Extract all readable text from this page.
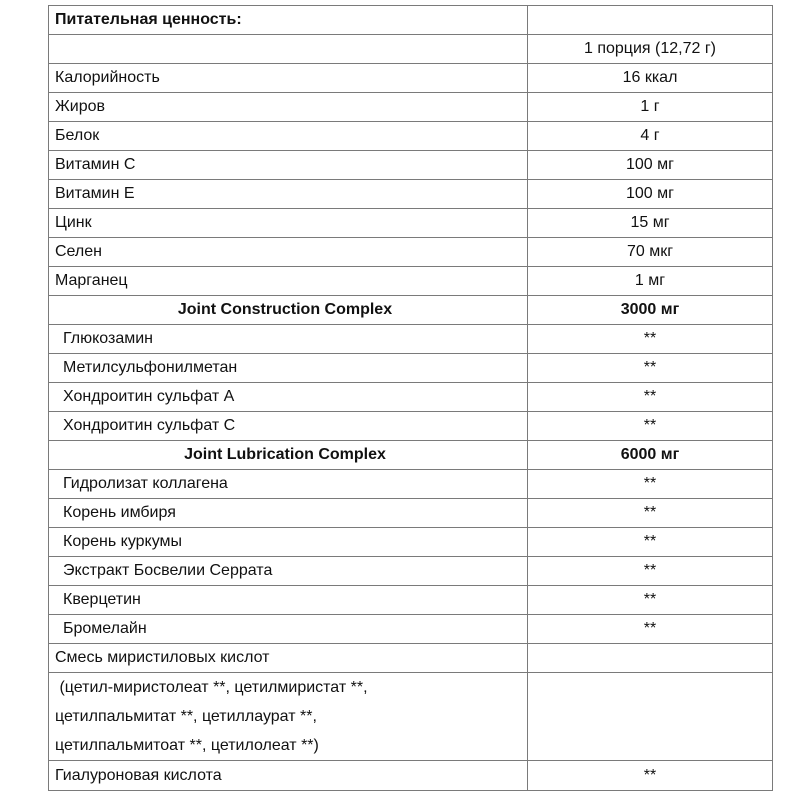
Питательная ценность:	
	1 порция (12,72 г)
Калорийность	16 ккал
Жиров	1 г
Белок	4 г
Витамин С	100 мг
Витамин Е	100 мг
Цинк	15 мг
Селен	70 мкг
Марганец	1 мг
Joint Construction Complex	3000 мг
Глюкозамин	**
Метилсульфонилметан	**
Хондроитин сульфат А	**
Хондроитин сульфат С	**
Joint Lubrication Complex	6000 мг
Гидролизат коллагена	**
Корень имбиря	**
Корень куркумы	**
Экстракт Босвелии Серрата	**
Кверцетин	**
Бромелайн	**
Смесь миристиловых кислот	

(цетил-миристолеат **, цетилмиристат **,
цетилпальмитат **, цетиллаурат **,
цетилпальмитоат **, цетилолеат **)	

Гиалуроновая кислота	**
